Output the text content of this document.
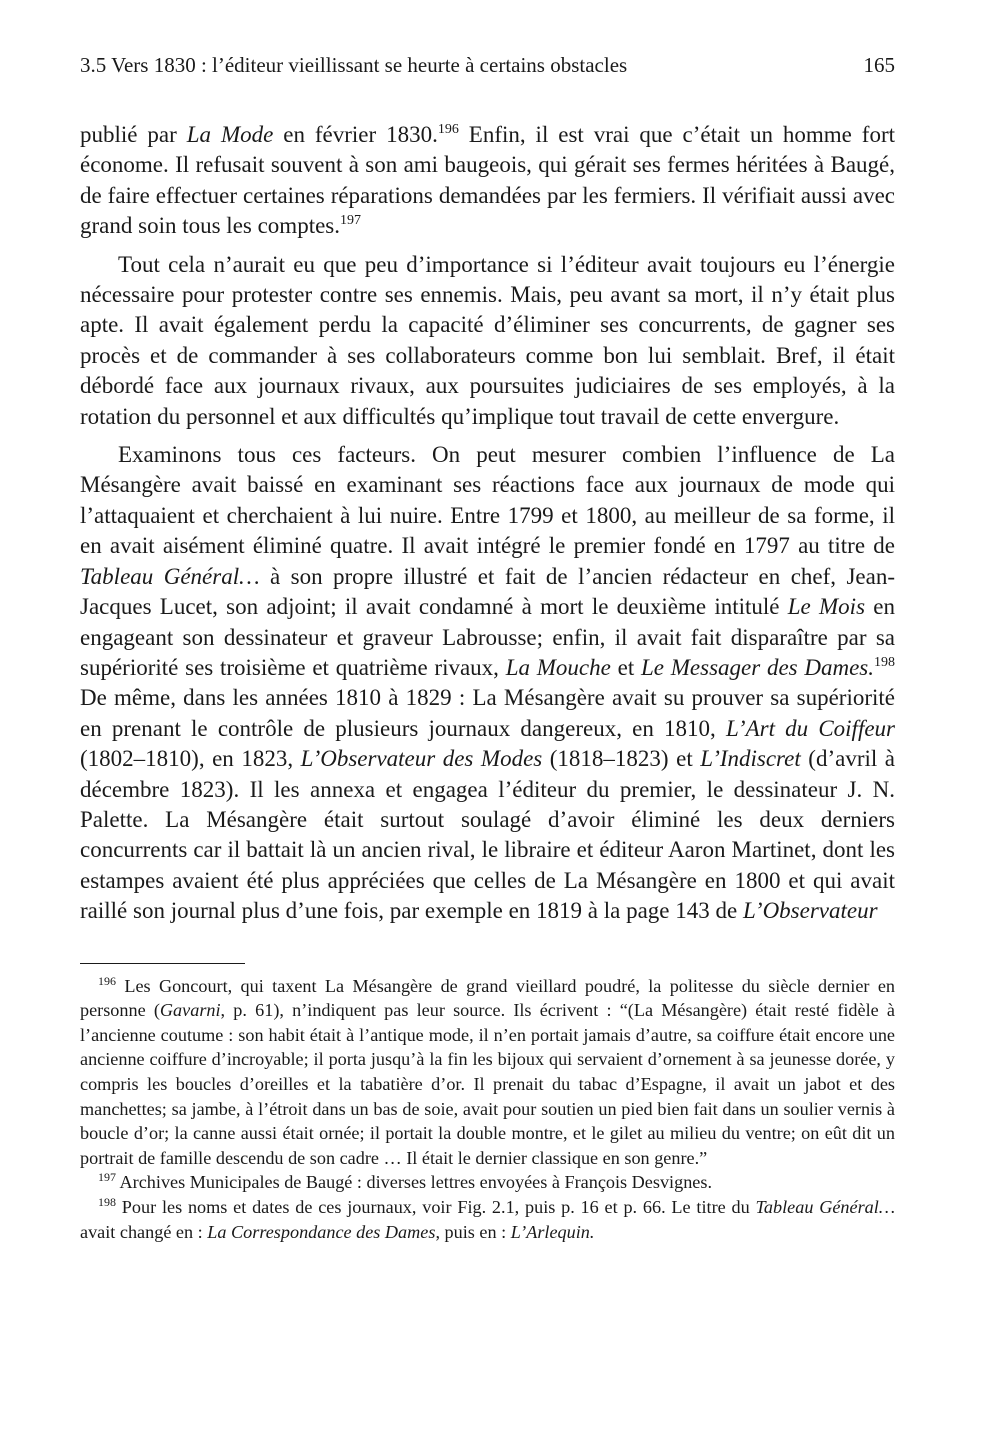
3.5 Vers 1830 : l’éditeur vieillissant se heurte à certains obstacles	165

publié par La Mode en février 1830.$^{196}$ Enfin, il est vrai que c’était un homme fort économe. Il refusait souvent à son ami baugeois, qui gérait ses fermes héritées à Baugé, de faire effectuer certaines réparations demandées par les fermiers. Il vérifiait aussi avec grand soin tous les comptes.$^{197}$

Tout cela n’aurait eu que peu d’importance si l’éditeur avait toujours eu l’énergie nécessaire pour protester contre ses ennemis. Mais, peu avant sa mort, il n’y était plus apte. Il avait également perdu la capacité d’éliminer ses concurrents, de gagner ses procès et de commander à ses collaborateurs comme bon lui semblait. Bref, il était débordé face aux journaux rivaux, aux poursuites judiciaires de ses employés, à la rotation du personnel et aux difficultés qu’implique tout travail de cette envergure.

Examinons tous ces facteurs. On peut mesurer combien l’influence de La Mésangère avait baissé en examinant ses réactions face aux journaux de mode qui l’attaquaient et cherchaient à lui nuire. Entre 1799 et 1800, au meilleur de sa forme, il en avait aisément éliminé quatre. Il avait intégré le premier fondé en 1797 au titre de Tableau Général… à son propre illustré et fait de l’ancien rédacteur en chef, Jean-Jacques Lucet, son adjoint; il avait condamné à mort le deuxième intitulé Le Mois en engageant son dessinateur et graveur Labrousse; enfin, il avait fait disparaître par sa supériorité ses troisième et quatrième rivaux, La Mouche et Le Messager des Dames.$^{198}$ De même, dans les années 1810 à 1829 : La Mésangère avait su prouver sa supériorité en prenant le contrôle de plusieurs journaux dangereux, en 1810, L’Art du Coiffeur (1802–1810), en 1823, L’Observateur des Modes (1818–1823) et L’Indiscret (d’avril à décembre 1823). Il les annexa et engagea l’éditeur du premier, le dessinateur J. N. Palette. La Mésangère était surtout soulagé d’avoir éliminé les deux derniers concurrents car il battait là un ancien rival, le libraire et éditeur Aaron Martinet, dont les estampes avaient été plus appréciées que celles de La Mésangère en 1800 et qui avait raillé son journal plus d’une fois, par exemple en 1819 à la page 143 de L’Observateur

$^{196}$ Les Goncourt, qui taxent La Mésangère de grand vieillard poudré, la politesse du siècle dernier en personne (Gavarni, p. 61), n’indiquent pas leur source. Ils écrivent : “(La Mésangère) était resté fidèle à l’ancienne coutume : son habit était à l’antique mode, il n’en portait jamais d’autre, sa coiffure était encore une ancienne coiffure d’incroyable; il porta jusqu’à la fin les bijoux qui servaient d’ornement à sa jeunesse dorée, y compris les boucles d’oreilles et la tabatière d’or. Il prenait du tabac d’Espagne, il avait un jabot et des manchettes; sa jambe, à l’étroit dans un bas de soie, avait pour soutien un pied bien fait dans un soulier vernis à boucle d’or; la canne aussi était ornée; il portait la double montre, et le gilet au milieu du ventre; on eût dit un portrait de famille descendu de son cadre … Il était le dernier classique en son genre.”

$^{197}$ Archives Municipales de Baugé : diverses lettres envoyées à François Desvignes.

$^{198}$ Pour les noms et dates de ces journaux, voir Fig. 2.1, puis p. 16 et p. 66. Le titre du Tableau Général… avait changé en : La Correspondance des Dames, puis en : L’Arlequin.
